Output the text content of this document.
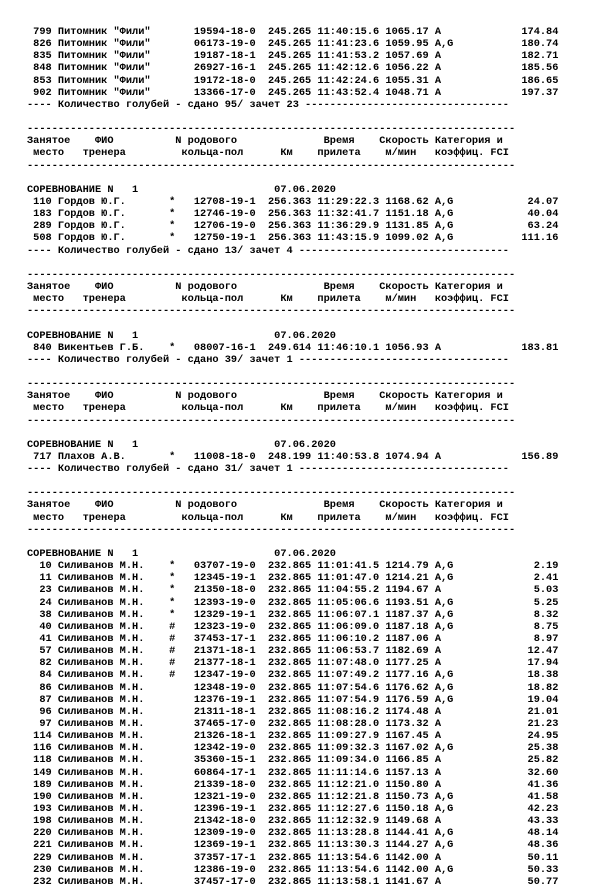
799 Питомник "Фили"       19594-18-0  245.265 11:40:15.6 1065.17 A             174.84
826 Питомник "Фили"       06173-19-0  245.265 11:41:23.6 1059.95 A,G           180.74
835 Питомник "Фили"       19187-18-1  245.265 11:41:53.2 1057.69 A             182.71
848 Питомник "Фили"       26927-16-1  245.265 11:42:12.6 1056.22 A             185.56
853 Питомник "Фили"       19172-18-0  245.265 11:42:24.6 1055.31 A             186.65
902 Питомник "Фили"       13366-17-0  245.265 11:43:52.4 1048.71 A             197.37
---- Количество голубей - сдано 95/ зачет 23 ---------------------------------
-------------------------------------------------------------------------------
Занятое    ФИО          N родового              Время    Скорость Категория и
место   тренера         кольца-пол      Км    прилета    м/мин   коэффиц. FCI
-------------------------------------------------------------------------------
СОРЕВНОВАНИЕ N   1                      07.06.2020
110 Гордов Ю.Г.       *   12708-19-1  256.363 11:29:22.3 1168.62 A,G            24.07
183 Гордов Ю.Г.       *   12746-19-0  256.363 11:32:41.7 1151.18 A,G            40.04
289 Гордов Ю.Г.       *   12706-19-0  256.363 11:36:29.9 1131.85 A,G            63.24
508 Гордов Ю.Г.       *   12750-19-1  256.363 11:43:15.9 1099.02 A,G           111.16
---- Количество голубей - сдано 13/ зачет 4 ----------------------------------
-------------------------------------------------------------------------------
Занятое    ФИО          N родового              Время    Скорость Категория и
место   тренера         кольца-пол      Км    прилета    м/мин   коэффиц. FCI
-------------------------------------------------------------------------------
СОРЕВНОВАНИЕ N   1                      07.06.2020
840 Викентьев Г.Б.    *   08007-16-1  249.614 11:46:10.1 1056.93 A             183.81
---- Количество голубей - сдано 39/ зачет 1 ----------------------------------
-------------------------------------------------------------------------------
Занятое    ФИО          N родового              Время    Скорость Категория и
место   тренера         кольца-пол      Км    прилета    м/мин   коэффиц. FCI
-------------------------------------------------------------------------------
СОРЕВНОВАНИЕ N   1                      07.06.2020
717 Плахов А.В.       *   11008-18-0  248.199 11:40:53.8 1074.94 A             156.89
---- Количество голубей - сдано 31/ зачет 1 ----------------------------------
-------------------------------------------------------------------------------
Занятое    ФИО          N родового              Время    Скорость Категория и
место   тренера         кольца-пол      Км    прилета    м/мин   коэффиц. FCI
-------------------------------------------------------------------------------
СОРЕВНОВАНИЕ N   1                      07.06.2020
10 Силиванов М.Н.    *   03707-19-0  232.865 11:01:41.5 1214.79 A,G             2.19
11 Силиванов М.Н.    *   12345-19-1  232.865 11:01:47.0 1214.21 A,G             2.41
23 Силиванов М.Н.    *   21350-18-0  232.865 11:04:55.2 1194.67 A               5.03
24 Силиванов М.Н.    *   12393-19-0  232.865 11:05:06.6 1193.51 A,G             5.25
38 Силиванов М.Н.    *   12329-19-1  232.865 11:06:07.1 1187.37 A,G             8.32
40 Силиванов М.Н.    #   12323-19-0  232.865 11:06:09.0 1187.18 A,G             8.75
41 Силиванов М.Н.    #   37453-17-1  232.865 11:06:10.2 1187.06 A               8.97
57 Силиванов М.Н.    #   21371-18-1  232.865 11:06:53.7 1182.69 A              12.47
82 Силиванов М.Н.    #   21377-18-1  232.865 11:07:48.0 1177.25 A              17.94
84 Силиванов М.Н.    #   12347-19-0  232.865 11:07:49.2 1177.16 A,G            18.38
86 Силиванов М.Н.        12348-19-0  232.865 11:07:54.6 1176.62 A,G            18.82
87 Силиванов М.Н.        12376-19-1  232.865 11:07:54.9 1176.59 A,G            19.04
96 Силиванов М.Н.        21311-18-1  232.865 11:08:16.2 1174.48 A              21.01
97 Силиванов М.Н.        37465-17-0  232.865 11:08:28.0 1173.32 A              21.23
114 Силиванов М.Н.        21326-18-1  232.865 11:09:27.9 1167.45 A              24.95
116 Силиванов М.Н.        12342-19-0  232.865 11:09:32.3 1167.02 A,G            25.38
118 Силиванов М.Н.        35360-15-1  232.865 11:09:34.0 1166.85 A              25.82
149 Силиванов М.Н.        60864-17-1  232.865 11:11:14.6 1157.13 A              32.60
189 Силиванов М.Н.        21339-18-0  232.865 11:12:21.0 1150.80 A              41.36
190 Силиванов М.Н.        12321-19-0  232.865 11:12:21.8 1150.73 A,G            41.58
193 Силиванов М.Н.        12396-19-1  232.865 11:12:27.6 1150.18 A,G            42.23
198 Силиванов М.Н.        21342-18-0  232.865 11:12:32.9 1149.68 A              43.33
220 Силиванов М.Н.        12309-19-0  232.865 11:13:28.8 1144.41 A,G            48.14
221 Силиванов М.Н.        12369-19-1  232.865 11:13:30.3 1144.27 A,G            48.36
229 Силиванов М.Н.        37357-17-1  232.865 11:13:54.6 1142.00 A              50.11
230 Силиванов М.Н.        12386-19-0  232.865 11:13:54.6 1142.00 A,G            50.33
232 Силиванов М.Н.        37457-17-0  232.865 11:13:58.1 1141.67 A              50.77
